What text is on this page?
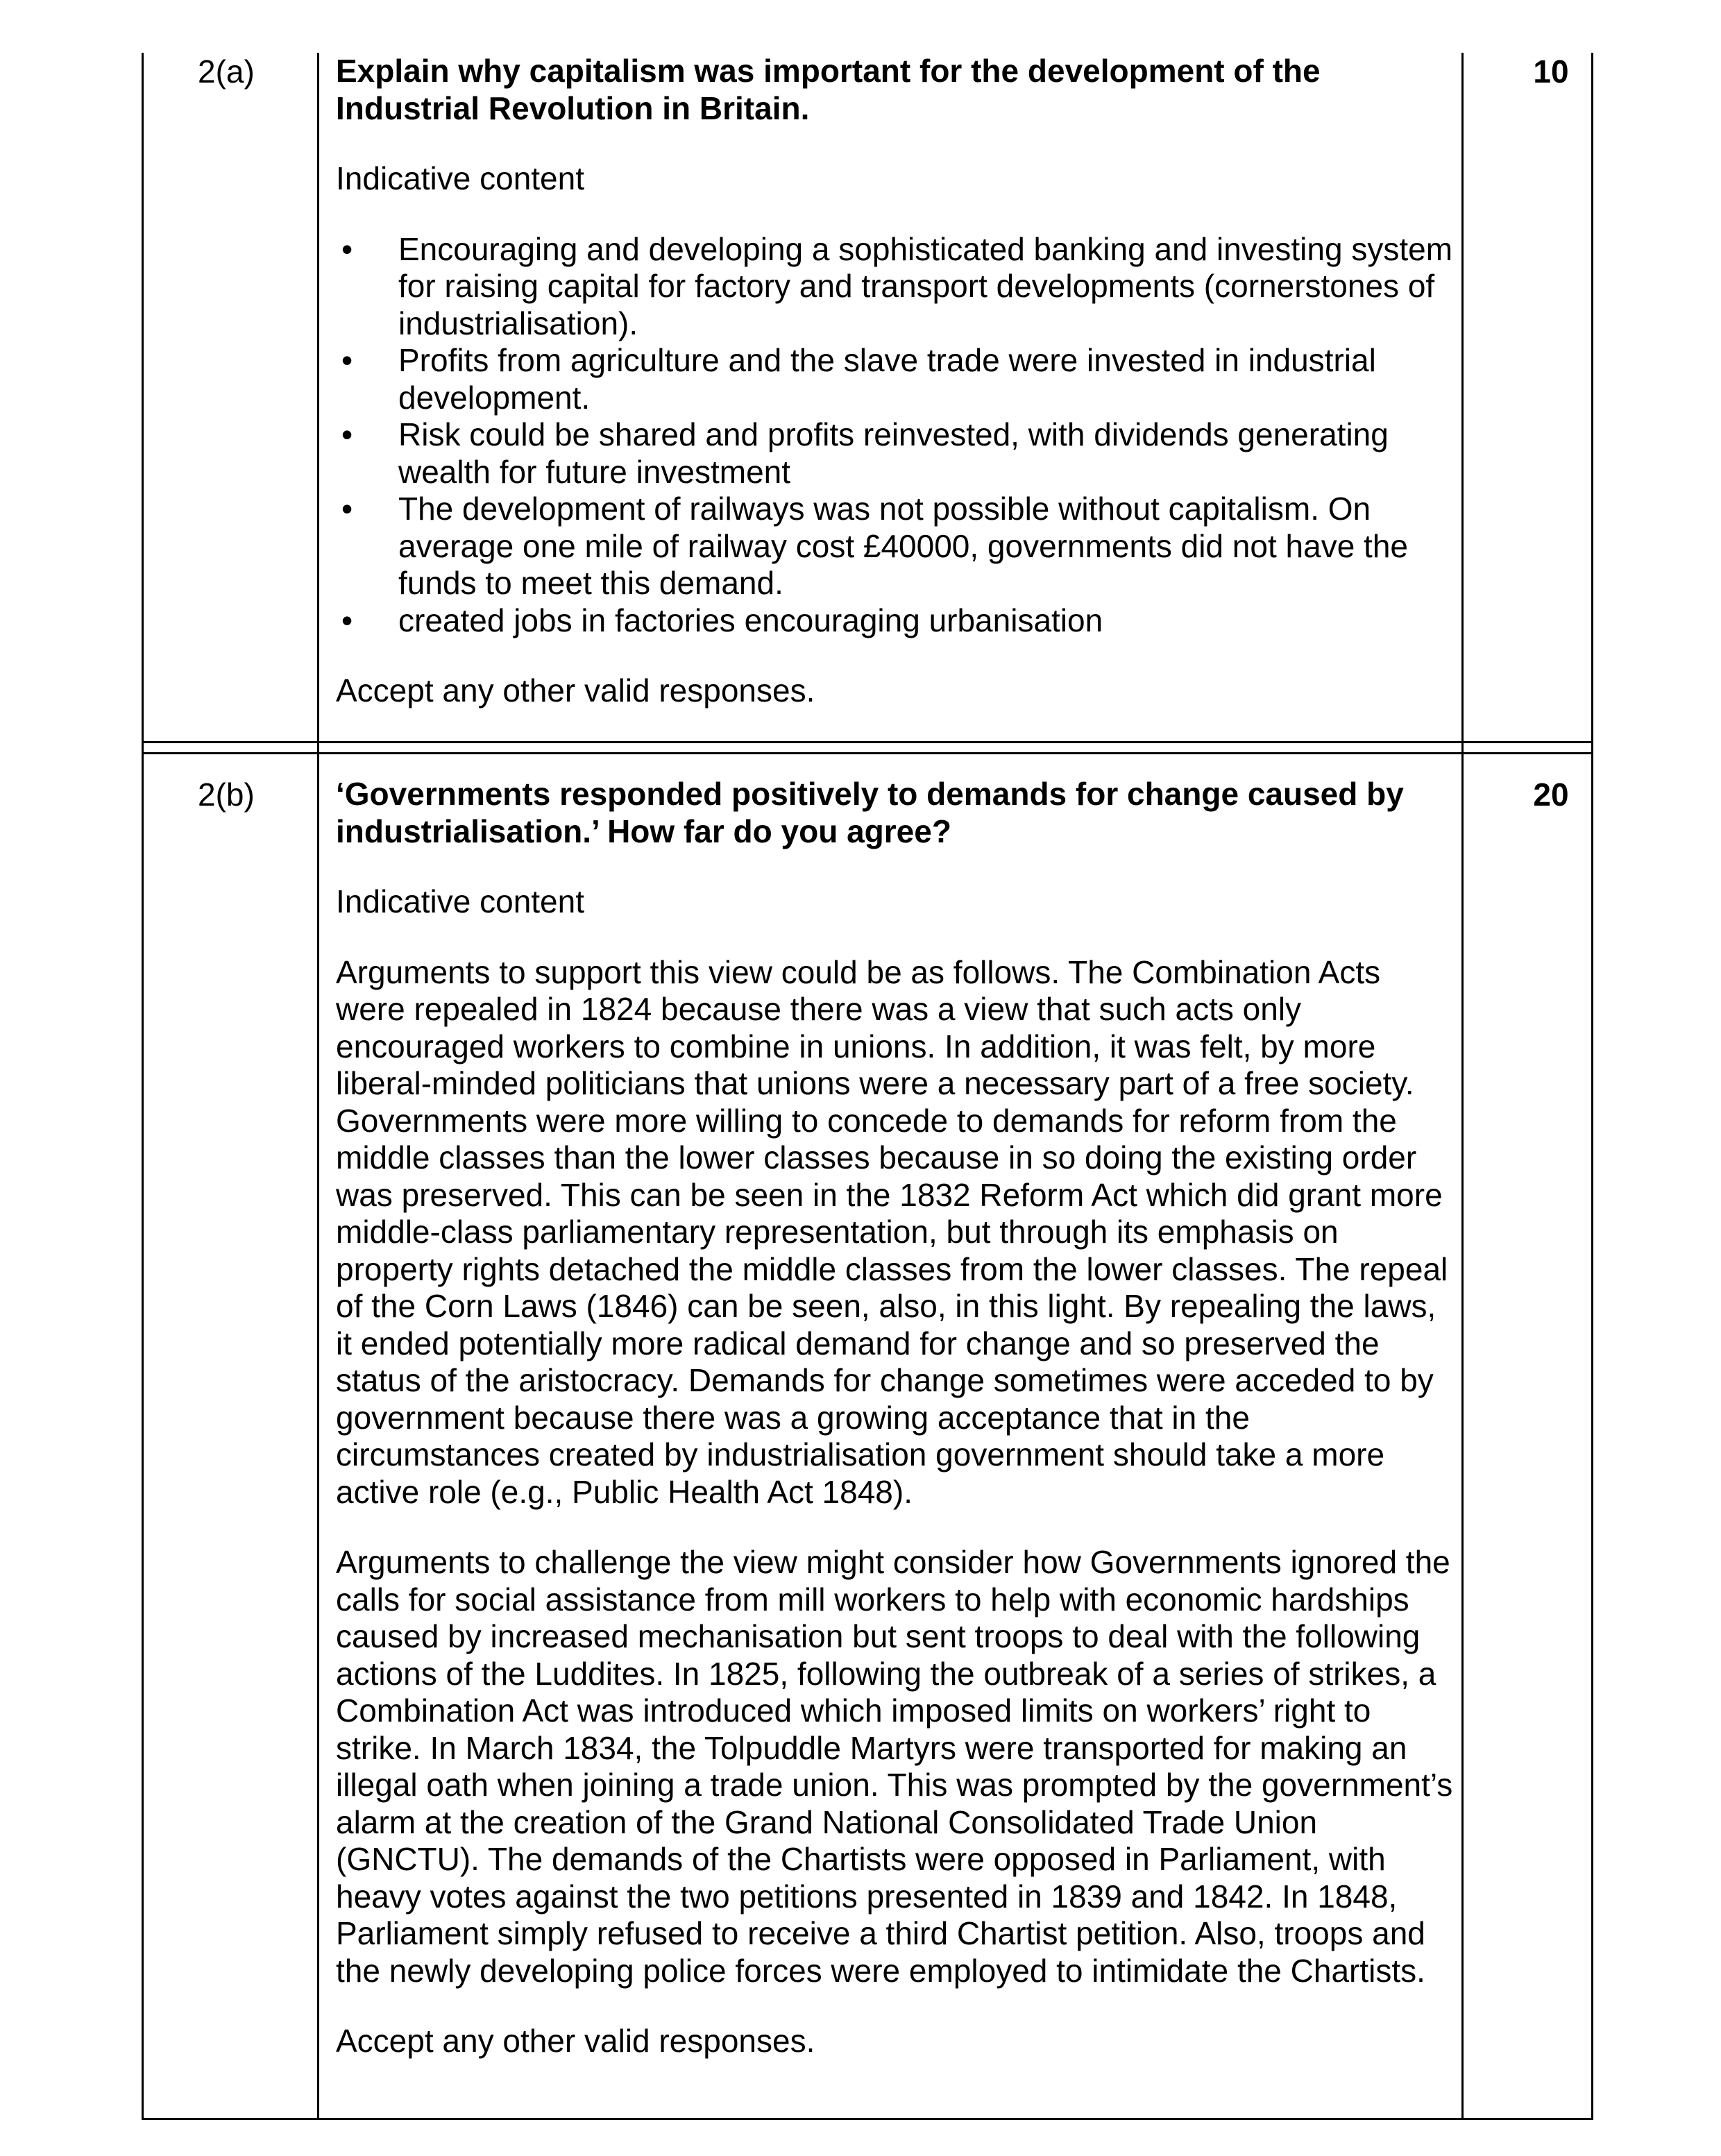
2(a)	10

Explain why capitalism was important for the development of the Industrial Revolution in Britain.

Indicative content

• Encouraging and developing a sophisticated banking and investing system for raising capital for factory and transport developments (cornerstones of industrialisation).
• Profits from agriculture and the slave trade were invested in industrial development.
• Risk could be shared and profits reinvested, with dividends generating wealth for future investment
• The development of railways was not possible without capitalism. On average one mile of railway cost £40000, governments did not have the funds to meet this demand.
• created jobs in factories encouraging urbanisation

Accept any other valid responses.

2(b)	20

‘Governments responded positively to demands for change caused by industrialisation.’ How far do you agree?

Indicative content

Arguments to support this view could be as follows. The Combination Acts were repealed in 1824 because there was a view that such acts only encouraged workers to combine in unions. In addition, it was felt, by more liberal-minded politicians that unions were a necessary part of a free society. Governments were more willing to concede to demands for reform from the middle classes than the lower classes because in so doing the existing order was preserved. This can be seen in the 1832 Reform Act which did grant more middle-class parliamentary representation, but through its emphasis on property rights detached the middle classes from the lower classes. The repeal of the Corn Laws (1846) can be seen, also, in this light. By repealing the laws, it ended potentially more radical demand for change and so preserved the status of the aristocracy. Demands for change sometimes were acceded to by government because there was a growing acceptance that in the circumstances created by industrialisation government should take a more active role (e.g., Public Health Act 1848).

Arguments to challenge the view might consider how Governments ignored the calls for social assistance from mill workers to help with economic hardships caused by increased mechanisation but sent troops to deal with the following actions of the Luddites. In 1825, following the outbreak of a series of strikes, a Combination Act was introduced which imposed limits on workers’ right to strike. In March 1834, the Tolpuddle Martyrs were transported for making an illegal oath when joining a trade union. This was prompted by the government’s alarm at the creation of the Grand National Consolidated Trade Union (GNCTU). The demands of the Chartists were opposed in Parliament, with heavy votes against the two petitions presented in 1839 and 1842. In 1848, Parliament simply refused to receive a third Chartist petition. Also, troops and the newly developing police forces were employed to intimidate the Chartists.

Accept any other valid responses.
